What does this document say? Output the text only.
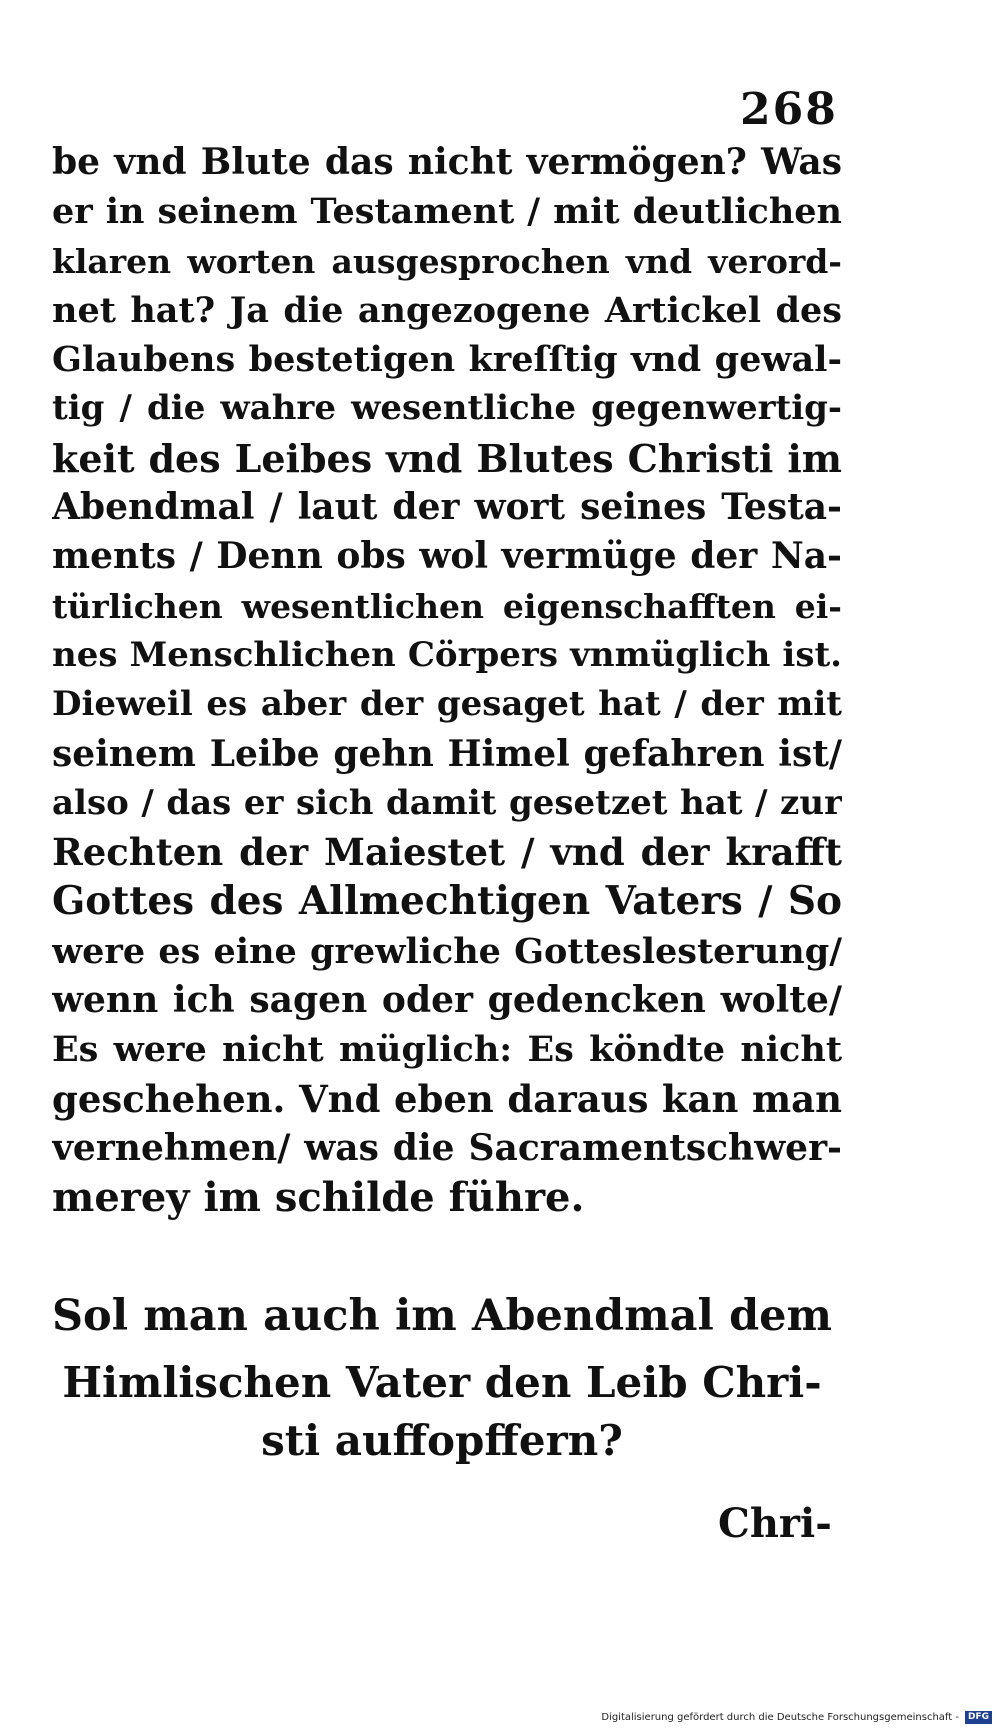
268
be vnd Blute das nicht vermögen? Was
er in seinem Testament / mit deutlichen
klaren worten ausgesprochen vnd verord-
net hat? Ja die angezogene Artickel des
Glaubens bestetigen kreſſtig vnd gewal-
tig / die wahre wesentliche gegenwertig-
keit des Leibes vnd Blutes Christi im
Abendmal / laut der wort seines Testa-
ments / Denn obs wol vermüge der Na-
türlichen wesentlichen eigenschafften ei-
nes Menschlichen Cörpers vnmüglich ist.
Dieweil es aber der gesaget hat / der mit
seinem Leibe gehn Himel gefahren ist/
also / das er sich damit gesetzet hat / zur
Rechten der Maiestet / vnd der krafft
Gottes des Allmechtigen Vaters / So
were es eine grewliche Gotteslesterung/
wenn ich sagen oder gedencken wolte/
Es were nicht müglich: Es köndte nicht
geschehen. Vnd eben daraus kan man
vernehmen/ was die Sacramentschwer-
merey im schilde führe.
Sol man auch im Abendmal dem
Himlischen Vater den Leib Chri-
sti auffopffern?
Chri-
Digitalisierung gefördert durch die Deutsche Forschungsgemeinschaft -	DFG
